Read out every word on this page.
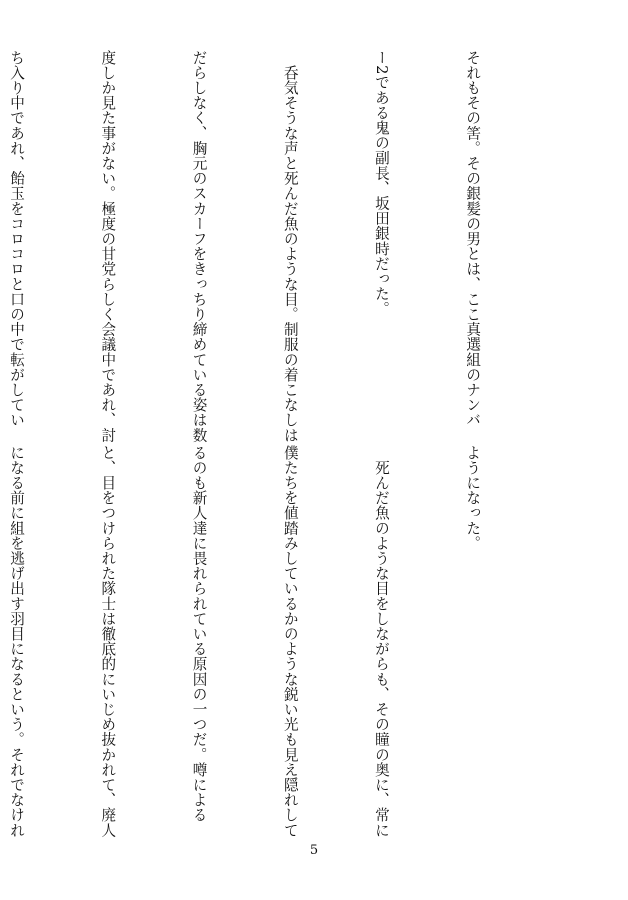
それもその筈。その銀髪の男とは、ここ真選組のナンバ

ー2である鬼の副長、坂田銀時だった。

　呑気そうな声と死んだ魚のような目。制服の着こなしは

だらしなく、胸元のスカーフをきっちり締めている姿は数

度しか見た事がない。極度の甘党らしく会議中であれ、討

ち入り中であれ、飴玉をコロコロと口の中で転がしてい

ようになった。

　死んだ魚のような目をしながらも、その瞳の奥に、常に

僕たちを値踏みしているかのような鋭い光も見え隠れして

るのも新人達に畏れられている原因の一つだ。噂による

と、目をつけられた隊士は徹底的にいじめ抜かれて、廃人

になる前に組を逃げ出す羽目になるという。それでなけれ

5
